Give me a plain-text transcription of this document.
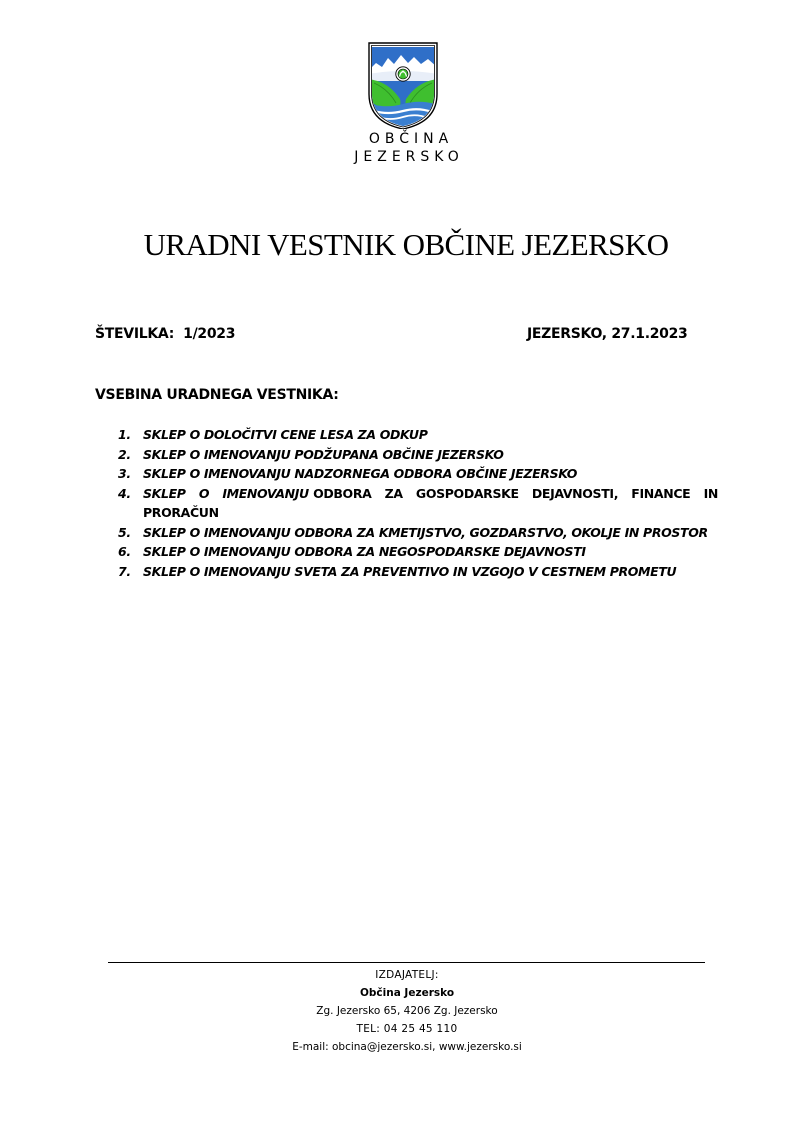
OBČINA
JEZERSKO
URADNI VESTNIK OBČINE JEZERSKO
ŠTEVILKA:  1/2023	JEZERSKO, 27.1.2023
VSEBINA URADNEGA VESTNIKA:
1. SKLEP O DOLOČITVI CENE LESA ZA ODKUP
2. SKLEP O IMENOVANJU PODŽUPANA OBČINE JEZERSKO
3. SKLEP O IMENOVANJU NADZORNEGA ODBORA OBČINE JEZERSKO
4. SKLEP O IMENOVANJU ODBORA ZA GOSPODARSKE DEJAVNOSTI, FINANCE IN PRORAČUN
5. SKLEP O IMENOVANJU ODBORA ZA KMETIJSTVO, GOZDARSTVO, OKOLJE IN PROSTOR
6. SKLEP O IMENOVANJU ODBORA ZA NEGOSPODARSKE DEJAVNOSTI
7. SKLEP O IMENOVANJU SVETA ZA PREVENTIVO IN VZGOJO V CESTNEM PROMETU
IZDAJATELJ:
Občina Jezersko
Zg. Jezersko 65, 4206 Zg. Jezersko
TEL: 04 25 45 110
E-mail: obcina@jezersko.si, www.jezersko.si
